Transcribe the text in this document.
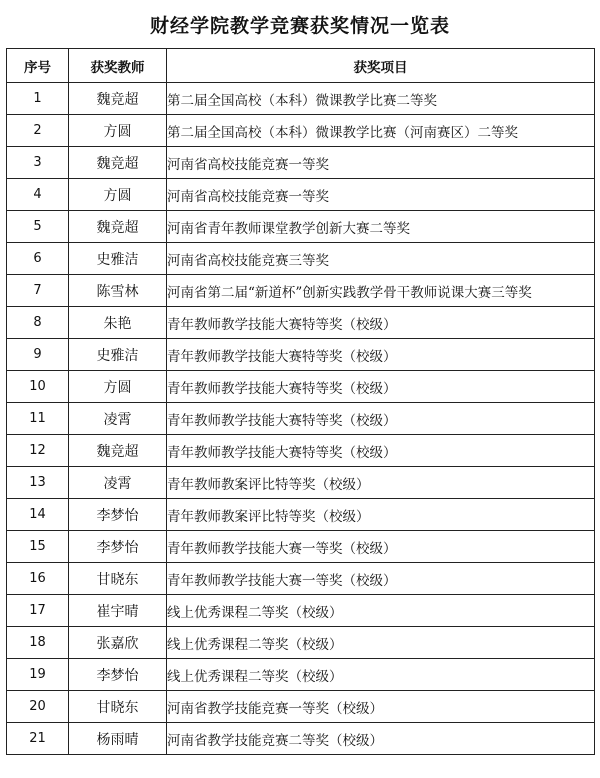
财经学院教学竞赛获奖情况一览表
序号	获奖教师	获奖项目
1	魏竞超	第二届全国高校（本科）微课教学比赛二等奖
2	方圆	第二届全国高校（本科）微课教学比赛（河南赛区）二等奖
3	魏竞超	河南省高校技能竞赛一等奖
4	方圆	河南省高校技能竞赛一等奖
5	魏竞超	河南省青年教师课堂教学创新大赛二等奖
6	史雅洁	河南省高校技能竞赛三等奖
7	陈雪林	河南省第二届“新道杯”创新实践教学骨干教师说课大赛三等奖
8	朱艳	青年教师教学技能大赛特等奖（校级）
9	史雅洁	青年教师教学技能大赛特等奖（校级）
10	方圆	青年教师教学技能大赛特等奖（校级）
11	凌霄	青年教师教学技能大赛特等奖（校级）
12	魏竞超	青年教师教学技能大赛特等奖（校级）
13	凌霄	青年教师教案评比特等奖（校级）
14	李梦怡	青年教师教案评比特等奖（校级）
15	李梦怡	青年教师教学技能大赛一等奖（校级）
16	甘晓东	青年教师教学技能大赛一等奖（校级）
17	崔宇晴	线上优秀课程二等奖（校级）
18	张嘉欣	线上优秀课程二等奖（校级）
19	李梦怡	线上优秀课程二等奖（校级）
20	甘晓东	河南省教学技能竞赛一等奖（校级）
21	杨雨晴	河南省教学技能竞赛二等奖（校级）
